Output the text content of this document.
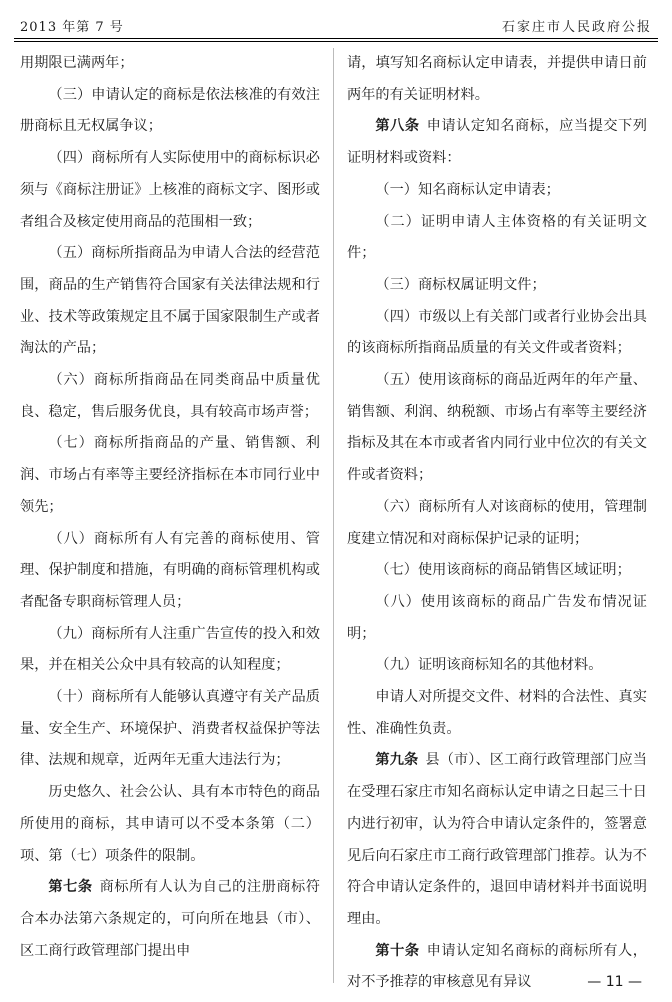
2013 年第 7 号	石家庄市人民政府公报

用期限已满两年；

（三）申请认定的商标是依法核准的有效注册商标且无权属争议；

（四）商标所有人实际使用中的商标标识必须与《商标注册证》上核准的商标文字、图形或者组合及核定使用商品的范围相一致；

（五）商标所指商品为申请人合法的经营范围，商品的生产销售符合国家有关法律法规和行业、技术等政策规定且不属于国家限制生产或者淘汰的产品；

（六）商标所指商品在同类商品中质量优良、稳定，售后服务优良，具有较高市场声誉；

（七）商标所指商品的产量、销售额、利润、市场占有率等主要经济指标在本市同行业中领先；

（八）商标所有人有完善的商标使用、管理、保护制度和措施，有明确的商标管理机构或者配备专职商标管理人员；

（九）商标所有人注重广告宣传的投入和效果，并在相关公众中具有较高的认知程度；

（十）商标所有人能够认真遵守有关产品质量、安全生产、环境保护、消费者权益保护等法律、法规和规章，近两年无重大违法行为；

历史悠久、社会公认、具有本市特色的商品所使用的商标，其申请可以不受本条第（二）项、第（七）项条件的限制。

第七条 商标所有人认为自己的注册商标符合本办法第六条规定的，可向所在地县（市）、区工商行政管理部门提出申

请，填写知名商标认定申请表，并提供申请日前两年的有关证明材料。

第八条 申请认定知名商标，应当提交下列证明材料或资料：

（一）知名商标认定申请表；

（二）证明申请人主体资格的有关证明文件；

（三）商标权属证明文件；

（四）市级以上有关部门或者行业协会出具的该商标所指商品质量的有关文件或者资料；

（五）使用该商标的商品近两年的年产量、销售额、利润、纳税额、市场占有率等主要经济指标及其在本市或者省内同行业中位次的有关文件或者资料；

（六）商标所有人对该商标的使用，管理制度建立情况和对商标保护记录的证明；

（七）使用该商标的商品销售区域证明；

（八）使用该商标的商品广告发布情况证明；

（九）证明该商标知名的其他材料。

申请人对所提交文件、材料的合法性、真实性、准确性负责。

第九条 县（市）、区工商行政管理部门应当在受理石家庄市知名商标认定申请之日起三十日内进行初审，认为符合申请认定条件的，签署意见后向石家庄市工商行政管理部门推荐。认为不符合申请认定条件的，退回申请材料并书面说明理由。

第十条 申请认定知名商标的商标所有人，对不予推荐的审核意见有异议	— 11 —
